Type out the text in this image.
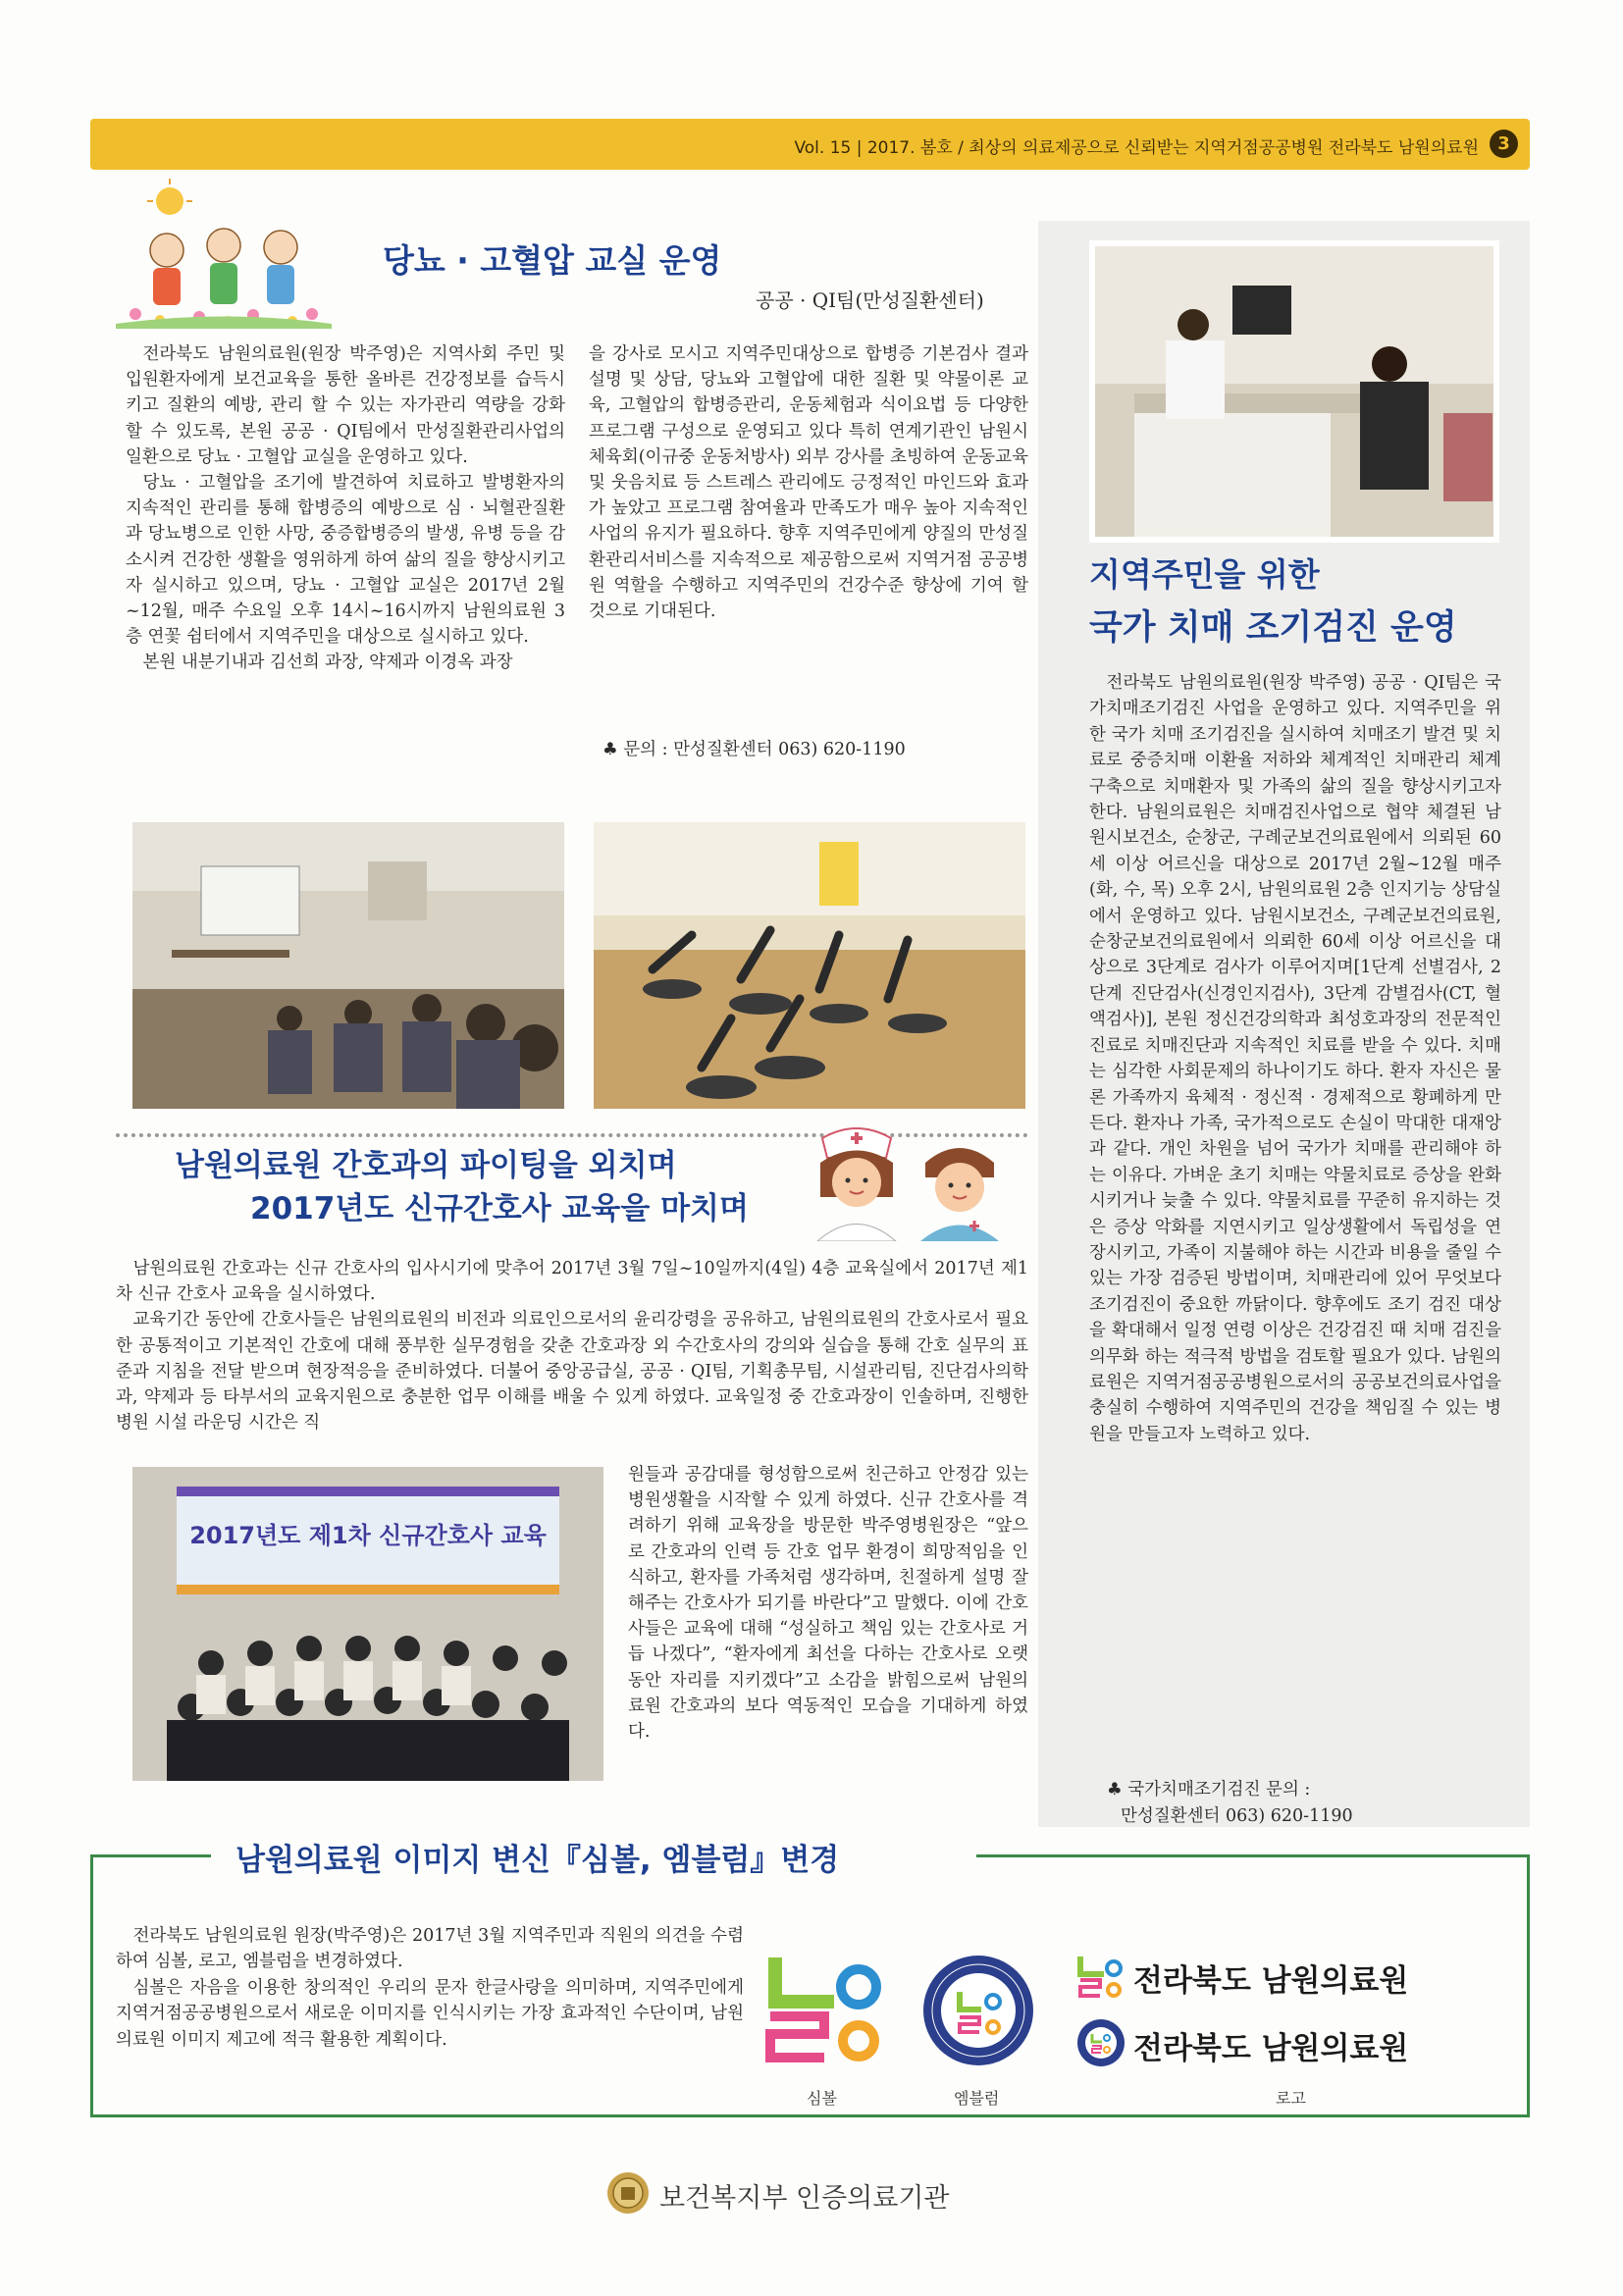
Vol. 15 | 2017. 봄호 / 최상의 의료제공으로 신뢰받는 지역거점공공병원 전라북도 남원의료원	3
당뇨 · 고혈압 교실 운영
공공 · QI팀(만성질환센터)

전라북도 남원의료원(원장 박주영)은 지역사회 주민 및 입원환자에게 보건교육을 통한 올바른 건강정보를 습득시키고 질환의 예방, 관리 할 수 있는 자가관리 역량을 강화 할 수 있도록, 본원 공공 · QI팀에서 만성질환관리사업의 일환으로 당뇨 · 고혈압 교실을 운영하고 있다.

당뇨 · 고혈압을 조기에 발견하여 치료하고 발병환자의 지속적인 관리를 통해 합병증의 예방으로 심 · 뇌혈관질환과 당뇨병으로 인한 사망, 중증합병증의 발생, 유병 등을 감소시켜 건강한 생활을 영위하게 하여 삶의 질을 향상시키고자 실시하고 있으며, 당뇨 · 고혈압 교실은 2017년 2월~12월, 매주 수요일 오후 14시~16시까지 남원의료원 3층 연꽃 쉼터에서 지역주민을 대상으로 실시하고 있다.

본원 내분기내과 김선희 과장, 약제과 이경옥 과장

을 강사로 모시고 지역주민대상으로 합병증 기본검사 결과 설명 및 상담, 당뇨와 고혈압에 대한 질환 및 약물이론 교육, 고혈압의 합병증관리, 운동체험과 식이요법 등 다양한 프로그램 구성으로 운영되고 있다 특히 연계기관인 남원시체육회(이규중 운동처방사) 외부 강사를 초빙하여 운동교육 및 웃음치료 등 스트레스 관리에도 긍정적인 마인드와 효과가 높았고 프로그램 참여율과 만족도가 매우 높아 지속적인 사업의 유지가 필요하다. 향후 지역주민에게 양질의 만성질환관리서비스를 지속적으로 제공함으로써 지역거점 공공병원 역할을 수행하고 지역주민의 건강수준 향상에 기여 할 것으로 기대된다.

♣ 문의 : 만성질환센터 063) 620-1190
지역주민을 위한
국가 치매 조기검진 운영

전라북도 남원의료원(원장 박주영) 공공 · QI팀은 국가치매조기검진 사업을 운영하고 있다. 지역주민을 위한 국가 치매 조기검진을 실시하여 치매조기 발견 및 치료로 중증치매 이환율 저하와 체계적인 치매관리 체계 구축으로 치매환자 및 가족의 삶의 질을 향상시키고자 한다. 남원의료원은 치매검진사업으로 협약 체결된 남원시보건소, 순창군, 구례군보건의료원에서 의뢰된 60세 이상 어르신을 대상으로 2017년 2월~12월 매주(화, 수, 목) 오후 2시, 남원의료원 2층 인지기능 상담실에서 운영하고 있다. 남원시보건소, 구례군보건의료원, 순창군보건의료원에서 의뢰한 60세 이상 어르신을 대상으로 3단계로 검사가 이루어지며[1단계 선별검사, 2단계 진단검사(신경인지검사), 3단계 감별검사(CT, 혈액검사)], 본원 정신건강의학과 최성호과장의 전문적인 진료로 치매진단과 지속적인 치료를 받을 수 있다. 치매는 심각한 사회문제의 하나이기도 하다. 환자 자신은 물론 가족까지 육체적 · 정신적 · 경제적으로 황폐하게 만든다. 환자나 가족, 국가적으로도 손실이 막대한 대재앙과 같다. 개인 차원을 넘어 국가가 치매를 관리해야 하는 이유다. 가벼운 초기 치매는 약물치료로 증상을 완화시키거나 늦출 수 있다. 약물치료를 꾸준히 유지하는 것은 증상 악화를 지연시키고 일상생활에서 독립성을 연장시키고, 가족이 지불해야 하는 시간과 비용을 줄일 수 있는 가장 검증된 방법이며, 치매관리에 있어 무엇보다 조기검진이 중요한 까닭이다. 향후에도 조기 검진 대상을 확대해서 일정 연령 이상은 건강검진 때 치매 검진을 의무화 하는 적극적 방법을 검토할 필요가 있다. 남원의료원은 지역거점공공병원으로서의 공공보건의료사업을 충실히 수행하여 지역주민의 건강을 책임질 수 있는 병원을 만들고자 노력하고 있다.

♣ 국가치매조기검진 문의 :
만성질환센터 063) 620-1190
남원의료원 간호과의 파이팅을 외치며
2017년도 신규간호사 교육을 마치며

남원의료원 간호과는 신규 간호사의 입사시기에 맞추어 2017년 3월 7일~10일까지(4일) 4층 교육실에서 2017년 제1차 신규 간호사 교육을 실시하였다.

교육기간 동안에 간호사들은 남원의료원의 비전과 의료인으로서의 윤리강령을 공유하고, 남원의료원의 간호사로서 필요한 공통적이고 기본적인 간호에 대해 풍부한 실무경험을 갖춘 간호과장 외 수간호사의 강의와 실습을 통해 간호 실무의 표준과 지침을 전달 받으며 현장적응을 준비하였다. 더불어 중앙공급실, 공공 · QI팀, 기획총무팀, 시설관리팀, 진단검사의학과, 약제과 등 타부서의 교육지원으로 충분한 업무 이해를 배울 수 있게 하였다. 교육일정 중 간호과장이 인솔하며, 진행한 병원 시설 라운딩 시간은 직

2017년도 제1차 신규간호사 교육

원들과 공감대를 형성함으로써 친근하고 안정감 있는 병원생활을 시작할 수 있게 하였다. 신규 간호사를 격려하기 위해 교육장을 방문한 박주영병원장은 “앞으로 간호과의 인력 등 간호 업무 환경이 희망적임을 인식하고, 환자를 가족처럼 생각하며, 친절하게 설명 잘해주는 간호사가 되기를 바란다”고 말했다. 이에 간호사들은 교육에 대해 “성실하고 책임 있는 간호사로 거듭 나겠다”, “환자에게 최선을 다하는 간호사로 오랫동안 자리를 지키겠다”고 소감을 밝힘으로써 남원의료원 간호과의 보다 역동적인 모습을 기대하게 하였다.

남원의료원 이미지 변신『심볼, 엠블럼』변경

전라북도 남원의료원 원장(박주영)은 2017년 3월 지역주민과 직원의 의견을 수렴하여 심볼, 로고, 엠블럼을 변경하였다.

심볼은 자음을 이용한 창의적인 우리의 문자 한글사랑을 의미하며, 지역주민에게 지역거점공공병원으로서 새로운 이미지를 인식시키는 가장 효과적인 수단이며, 남원의료원 이미지 제고에 적극 활용한 계획이다.

심볼	엠블럼
전라북도 남원의료원
전라북도 남원의료원
로고
보건복지부 인증의료기관
